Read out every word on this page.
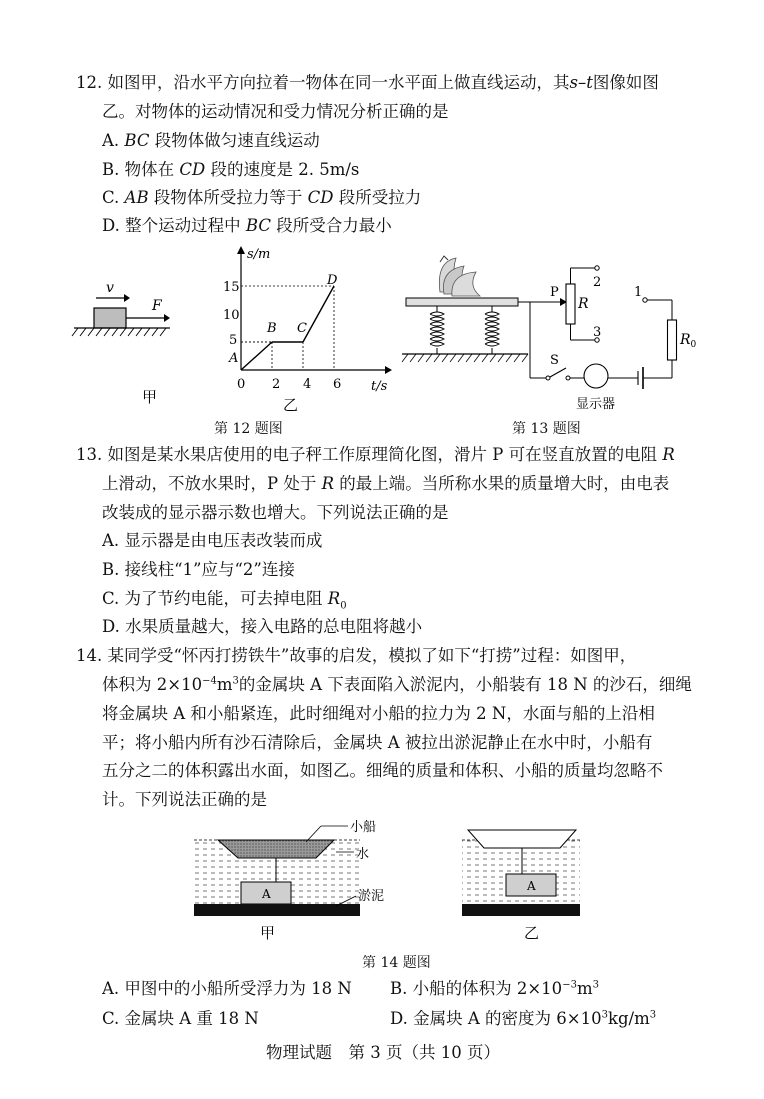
12. 如图甲，沿水平方向拉着一物体在同一水平面上做直线运动，其s–t图像如图
乙。对物体的运动情况和受力情况分析正确的是
A. BC 段物体做匀速直线运动
B. 物体在 CD 段的速度是 2. 5m/s
C. AB 段物体所受拉力等于 CD 段所受拉力
D. 整个运动过程中 BC 段所受合力最小
v
F
甲
s/m
t/s
15
10
5
0 2 4 6
A
B C
D
乙
第 12 题图
P
R
2
3
S
显示器
$R_0$
1
第 13 题图
13. 如图是某水果店使用的电子秤工作原理简化图，滑片 P 可在竖直放置的电阻 R
上滑动，不放水果时，P 处于 R 的最上端。当所称水果的质量增大时，由电表
改装成的显示器示数也增大。下列说法正确的是
A. 显示器是由电压表改装而成
B. 接线柱“1”应与“2”连接
C. 为了节约电能，可去掉电阻 $R_0$
D. 水果质量越大，接入电路的总电阻将越小
14. 某同学受“怀丙打捞铁牛”故事的启发，模拟了如下“打捞”过程：如图甲，
体积为 $2\times 10^{-4}m^3$的金属块 A 下表面陷入淤泥内，小船装有 18 N 的沙石，细绳
将金属块 A 和小船紧连，此时细绳对小船的拉力为 2 N，水面与船的上沿相
平；将小船内所有沙石清除后，金属块 A 被拉出淤泥静止在水中时，小船有
五分之二的体积露出水面，如图乙。细绳的质量和体积、小船的质量均忽略不
计。下列说法正确的是
A
小船
水
淤泥
甲
A
乙
第 14 题图
A. 甲图中的小船所受浮力为 18 N B. 小船的体积为 $2\times 10^{-3}m^3$
C. 金属块 A 重 18 N	D. 金属块 A 的密度为 $6\times 10^3kg/m^3$
物理试题　第 3 页（共 10 页）
